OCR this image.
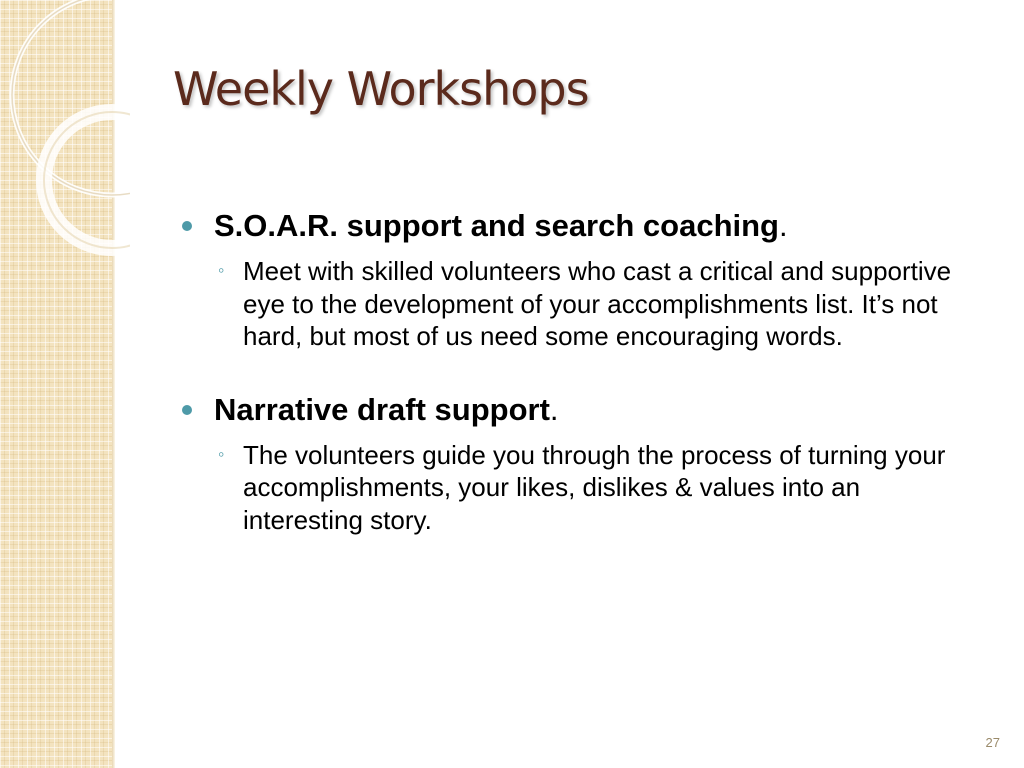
Weekly Workshops
S.O.A.R. support and search coaching.
◦ Meet with skilled volunteers who cast a critical and supportive eye to the development of your accomplishments list. It’s not hard, but most of us need some encouraging words.
Narrative draft support.
◦ The volunteers guide you through the process of turning your accomplishments, your likes, dislikes & values into an interesting story.
27
